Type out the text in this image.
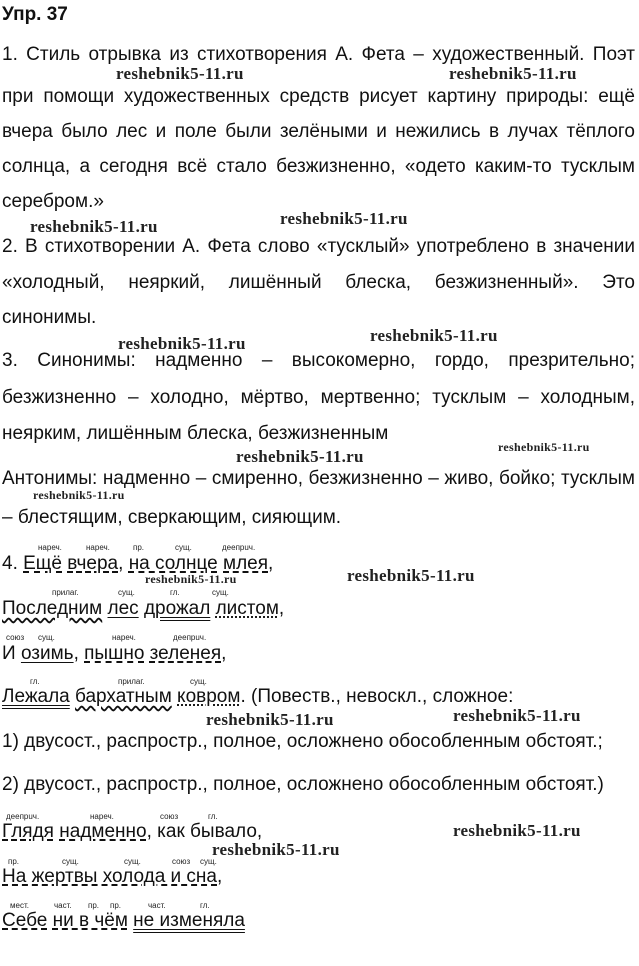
Упр. 37
1. Стиль отрывка из стихотворения А. Фета – художественный. Поэт
при помощи художественных средств рисует картину природы: ещё
вчера было лес и поле были зелёными и нежились в лучах тёплого
солнца, а сегодня всё стало безжизненно, «одето каким-то тусклым
серебром.»
2. В стихотворении А. Фета слово «тусклый» употреблено в значении
«холодный, неяркий, лишённый блеска, безжизненный». Это
синонимы.
3. Синонимы: надменно – высокомерно, гордо, презрительно;
безжизненно – холодно, мёртво, мертвенно; тусклым – холодным,
неярким, лишённым блеска, безжизненным
Антонимы: надменно – смиренно, безжизненно – живо, бойко; тусклым
– блестящим, сверкающим, сияющим.
нареч.	нареч.	пр.	сущ.	деепрuч.
4. Ещё вчера, на солнце млея,
прилаг.	сущ.	гл.	сущ.
Последним лес дрожал листом,
союз сущ.	нареч.	деепрuч.
И озимь, пышно зеленея,
гл.	прилаг.	сущ.
Лежала бархатным ковром. (Повеств., невоскл., сложное:
1) двусост., распростр., полное, осложнено обособленным обстоят.;
2) двусост., распростр., полное, осложнено обособленным обстоят.)
деепрuч.	нареч.	союз	гл.
Глядя надменно, как бывало,
пр.	сущ.	сущ.	союз сущ.
На жертвы холода и сна,
мест.	част. пр. пр.	част.	гл.
Себе ни в чём не изменяла
reshebnik5-11.ru	reshebnik5-11.ru
reshebnik5-11.ru	reshebnik5-11.ru
reshebnik5-11.ru	reshebnik5-11.ru
reshebnik5-11.ru
reshebnik5-11.ru
reshebnik5-11.ru
reshebnik5-11.ru
reshebnik5-11.ru
reshebnik5-11.ru	reshebnik5-11.ru
reshebnik5-11.ru
reshebnik5-11.ru
